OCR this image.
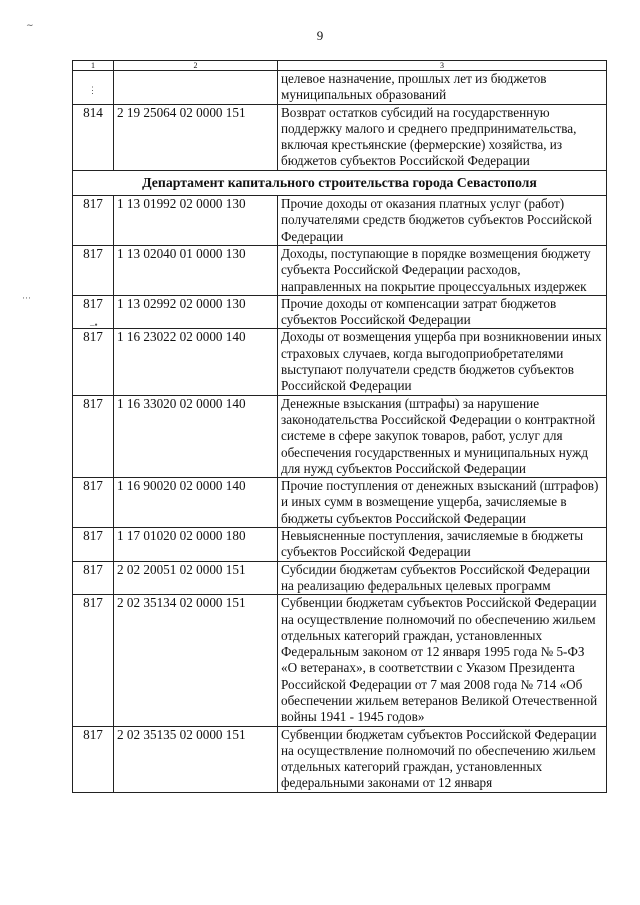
9
1	2	3
		целевое назначение, прошлых лет из бюджетов муниципальных образований
814	2 19 25064 02 0000 151	Возврат остатков субсидий на государственную поддержку малого и среднего предпринимательства, включая крестьянские (фермерские) хозяйства, из бюджетов субъектов Российской Федерации
Департамент капитального строительства города Севастополя		
817	1 13 01992 02 0000 130	Прочие доходы от оказания платных услуг (работ) получателями средств бюджетов субъектов Российской Федерации
817	1 13 02040 01 0000 130	Доходы, поступающие в порядке возмещения бюджету субъекта Российской Федерации расходов, направленных на покрытие процессуальных издержек
817	1 13 02992 02 0000 130	Прочие доходы от компенсации затрат бюджетов субъектов Российской Федерации
817	1 16 23022 02 0000 140	Доходы от возмещения ущерба при возникновении иных страховых случаев, когда выгодоприобретателями выступают получатели средств бюджетов субъектов Российской Федерации
817	1 16 33020 02 0000 140	Денежные взыскания (штрафы) за нарушение законодательства Российской Федерации о контрактной системе в сфере закупок товаров, работ, услуг для обеспечения государственных и муниципальных нужд для нужд субъектов Российской Федерации
817	1 16 90020 02 0000 140	Прочие поступления от денежных взысканий (штрафов) и иных сумм в возмещение ущерба, зачисляемые в бюджеты субъектов Российской Федерации
817	1 17 01020 02 0000 180	Невыясненные поступления, зачисляемые в бюджеты субъектов Российской Федерации
817	2 02 20051 02 0000 151	Субсидии бюджетам субъектов Российской Федерации на реализацию федеральных целевых программ
817	2 02 35134 02 0000 151	Субвенции бюджетам субъектов Российской Федерации на осуществление полномочий по обеспечению жильем отдельных категорий граждан, установленных Федеральным законом от 12 января 1995 года № 5-ФЗ «О ветеранах», в соответствии с Указом Президента Российской Федерации от 7 мая 2008 года № 714 «Об обеспечении жильем ветеранов Великой Отечественной войны 1941 - 1945 годов»
817	2 02 35135 02 0000 151	Субвенции бюджетам субъектов Российской Федерации на осуществление полномочий по обеспечению жильем отдельных категорий граждан, установленных федеральными законами от 12 января
∼
⋮
···
–•
